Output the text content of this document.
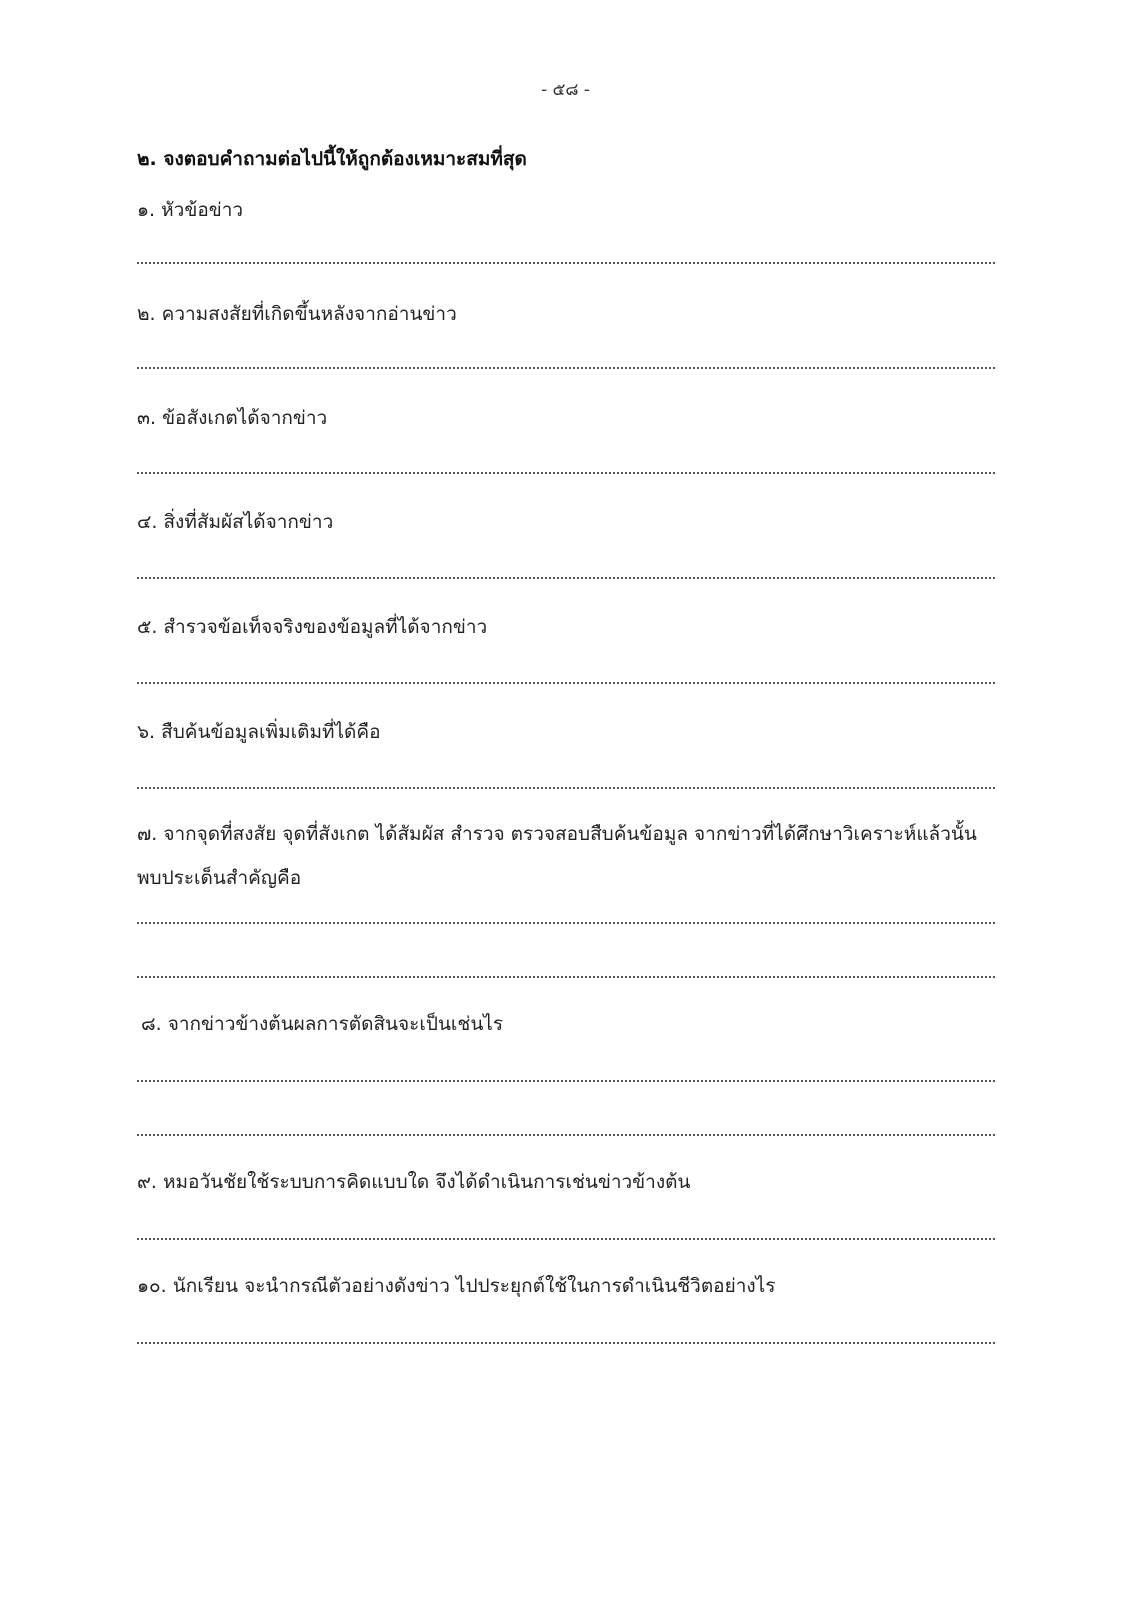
- ๕๘ -
๒. จงตอบคำถามต่อไปนี้ให้ถูกต้องเหมาะสมที่สุด
๑. หัวข้อข่าว
๒. ความสงสัยที่เกิดขึ้นหลังจากอ่านข่าว
๓. ข้อสังเกตได้จากข่าว
๔. สิ่งที่สัมผัสได้จากข่าว
๕. สำรวจข้อเท็จจริงของข้อมูลที่ได้จากข่าว
๖. สืบค้นข้อมูลเพิ่มเติมที่ได้คือ
๗. จากจุดที่สงสัย จุดที่สังเกต ได้สัมผัส สำรวจ ตรวจสอบสืบค้นข้อมูล จากข่าวที่ได้ศึกษาวิเคราะห์แล้วนั้น พบประเด็นสำคัญคือ
๘. จากข่าวข้างต้นผลการตัดสินจะเป็นเช่นไร
๙. หมอวันชัยใช้ระบบการคิดแบบใด จึงได้ดำเนินการเช่นข่าวข้างต้น
๑๐. นักเรียน จะนำกรณีตัวอย่างดังข่าว ไปประยุกต์ใช้ในการดำเนินชีวิตอย่างไร
